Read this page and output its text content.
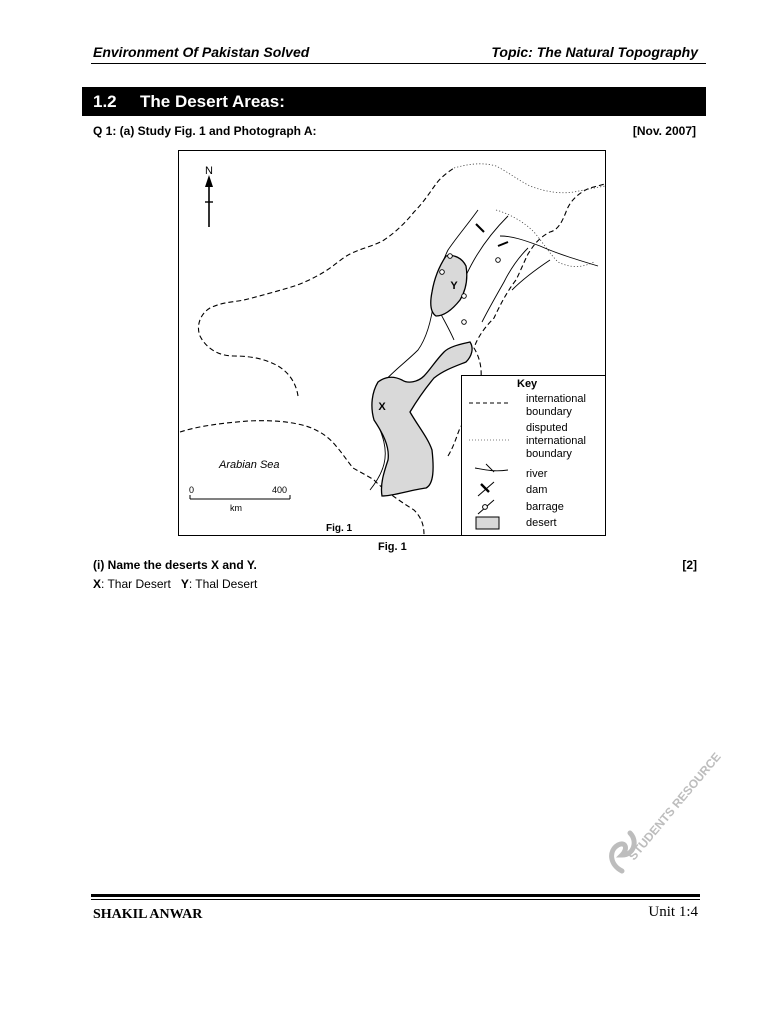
Environment Of Pakistan Solved	Topic: The Natural Topography
1.2 The Desert Areas:
Q 1: (a) Study Fig. 1 and Photograph A:	[Nov. 2007]
N
Y
X
Arabian Sea
0	400
km
Fig. 1
Key
international
boundary
disputed
international
boundary
river
dam
barrage
desert
Fig. 1
(i) Name the deserts X and Y.	[2]
X: Thar Desert Y: Thal Desert
STUDENTS RESOURCE
SHAKIL ANWAR	Unit 1:4
